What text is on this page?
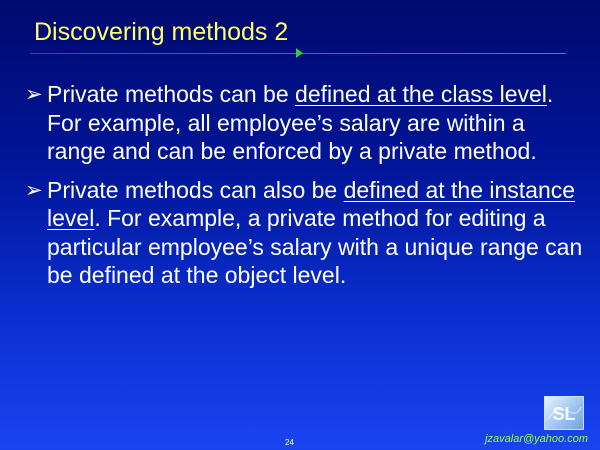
Discovering methods 2
➢ Private methods can be defined at the class level. For example, all employee’s salary are within a range and can be enforced by a private method.
➢ Private methods can also be defined at the instance level. For example, a private method for editing a particular employee’s salary with a unique range can be defined at the object level.
24
SL
jzavalar@yahoo.com
